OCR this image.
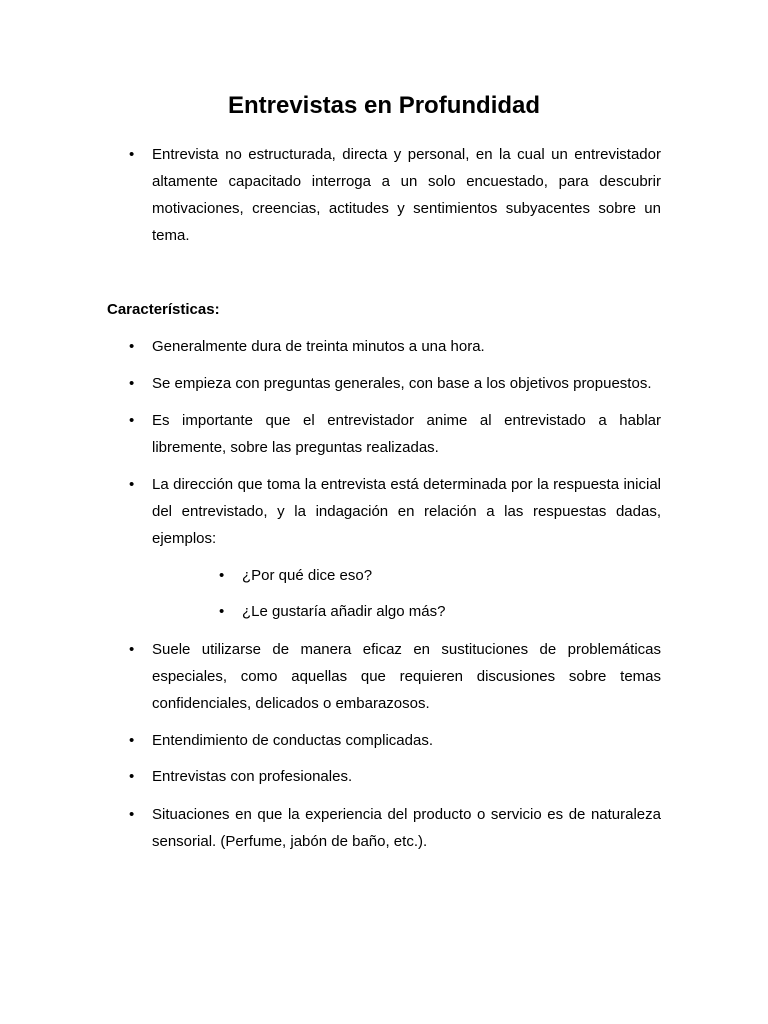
Entrevistas en Profundidad
• Entrevista no estructurada, directa y personal, en la cual un entrevistador altamente capacitado interroga a un solo encuestado, para descubrir motivaciones, creencias, actitudes y sentimientos subyacentes sobre un tema.
Características:
• Generalmente dura de treinta minutos a una hora.
• Se empieza con preguntas generales, con base a los objetivos propuestos.
• Es importante que el entrevistador anime al entrevistado a hablar libremente, sobre las preguntas realizadas.
• La dirección que toma la entrevista está determinada por la respuesta inicial del entrevistado, y la indagación en relación a las respuestas dadas, ejemplos:
• ¿Por qué dice eso?
• ¿Le gustaría añadir algo más?
• Suele utilizarse de manera eficaz en sustituciones de problemáticas especiales, como aquellas que requieren discusiones sobre temas confidenciales, delicados o embarazosos.
• Entendimiento de conductas complicadas.
• Entrevistas con profesionales.
• Situaciones en que la experiencia del producto o servicio es de naturaleza sensorial. (Perfume, jabón de baño, etc.).
